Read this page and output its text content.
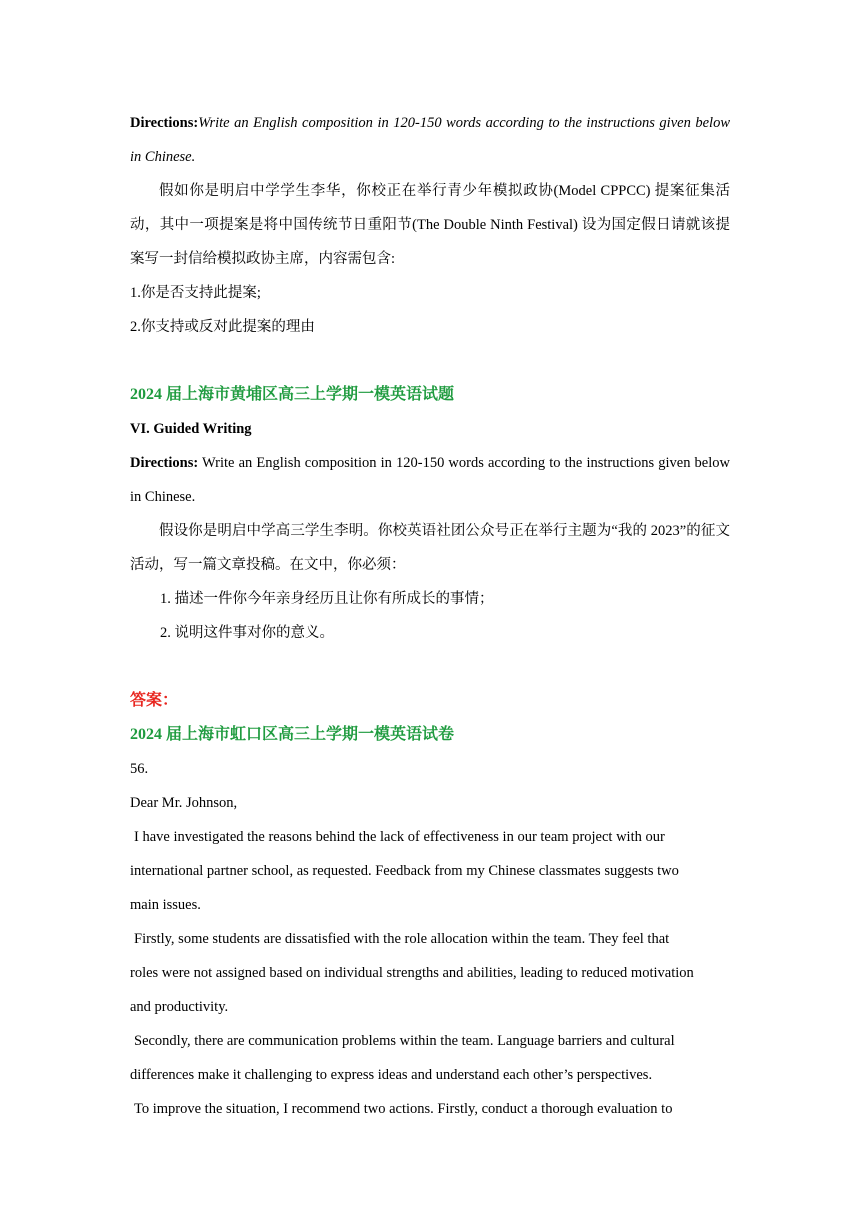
Directions:Write an English composition in 120-150 words according to the instructions given below in Chinese.

假如你是明启中学学生李华，你校正在举行青少年模拟政协(Model CPPCC) 提案征集活动，其中一项提案是将中国传统节日重阳节(The Double Ninth Festival) 设为国定假日请就该提案写一封信给模拟政协主席，内容需包含:

1.你是否支持此提案;

2.你支持或反对此提案的理由

2024 届上海市黄埔区高三上学期一模英语试题

VI. Guided Writing

Directions: Write an English composition in 120-150 words according to the instructions given below in Chinese.

假设你是明启中学高三学生李明。你校英语社团公众号正在举行主题为“我的 2023”的征文活动，写一篇文章投稿。在文中，你必须：

1. 描述一件你今年亲身经历且让你有所成长的事情；

2. 说明这件事对你的意义。

答案：

2024 届上海市虹口区高三上学期一模英语试卷

56.

Dear Mr. Johnson,

I have investigated the reasons behind the lack of effectiveness in our team project with our

international partner school, as requested. Feedback from my Chinese classmates suggests two

main issues.

Firstly, some students are dissatisfied with the role allocation within the team. They feel that

roles were not assigned based on individual strengths and abilities, leading to reduced motivation

and productivity.

Secondly, there are communication problems within the team. Language barriers and cultural

differences make it challenging to express ideas and understand each other’s perspectives.

To improve the situation, I recommend two actions. Firstly, conduct a thorough evaluation to
